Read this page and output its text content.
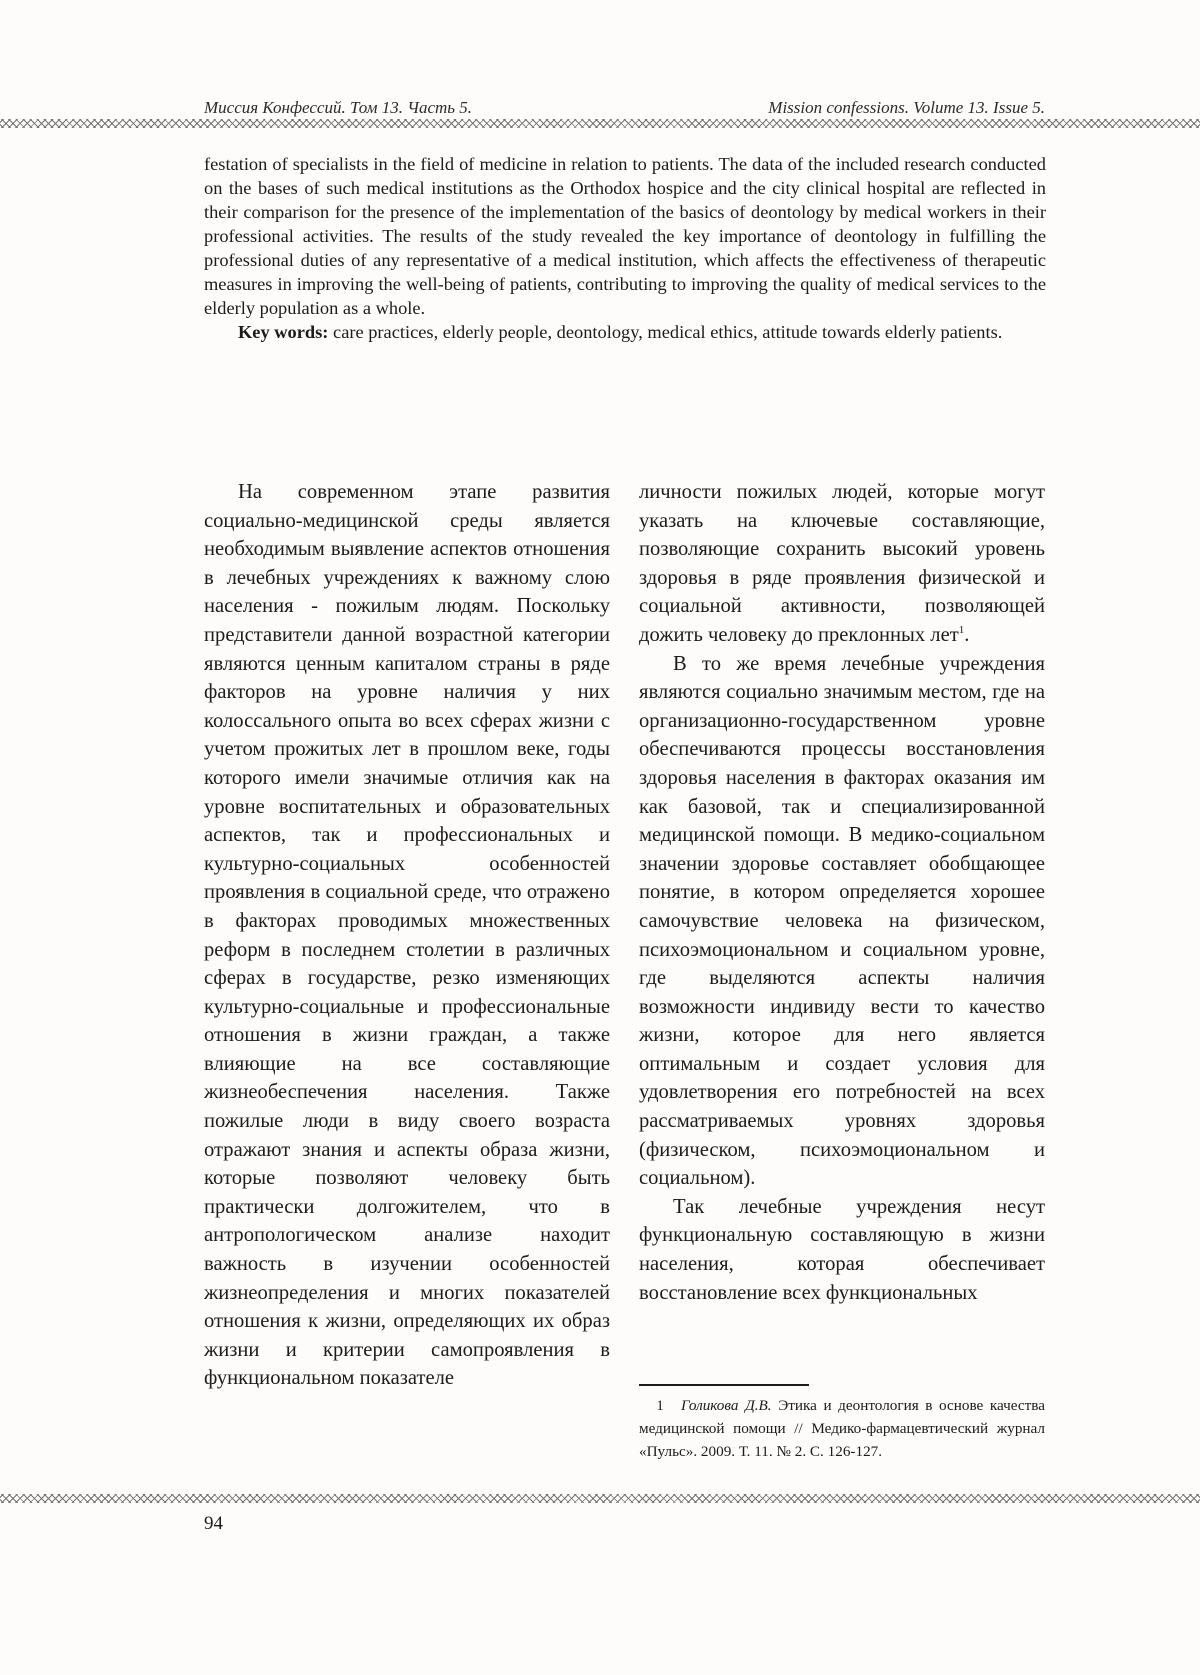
Миссия Конфессий. Том 13. Часть 5.	Mission confessions. Volume 13. Issue 5.

festation of specialists in the field of medicine in relation to patients. The data of the included research conducted on the bases of such medical institutions as the Orthodox hospice and the city clinical hospital are reflected in their comparison for the presence of the implementation of the basics of deontology by medical workers in their professional activities. The results of the study revealed the key importance of deontology in fulfilling the professional duties of any representative of a medical institution, which affects the effectiveness of therapeutic measures in improving the well-being of patients, contributing to improving the quality of medical services to the elderly population as a whole.

Key words: care practices, elderly people, deontology, medical ethics, attitude towards elderly patients.

На современном этапе развития социально-медицинской среды является необходимым выявление аспектов отношения в лечебных учреждениях к важному слою населения - пожилым людям. Поскольку представители данной возрастной категории являются ценным капиталом страны в ряде факторов на уровне наличия у них колоссального опыта во всех сферах жизни с учетом прожитых лет в прошлом веке, годы которого имели значимые отличия как на уровне воспитательных и образовательных аспектов, так и профессиональных и культурно-социальных особенностей проявления в социальной среде, что отражено в факторах проводимых множественных реформ в последнем столетии в различных сферах в государстве, резко изменяющих культурно-социальные и профессиональные отношения в жизни граждан, а также влияющие на все составляющие жизнеобеспечения населения. Также пожилые люди в виду своего возраста отражают знания и аспекты образа жизни, которые позволяют человеку быть практически долгожителем, что в антропологическом анализе находит важность в изучении особенностей жизнеопределения и многих показателей отношения к жизни, определяющих их образ жизни и критерии самопроявления в функциональном показателе

личности пожилых людей, которые могут указать на ключевые составляющие, позволяющие сохранить высокий уровень здоровья в ряде проявления физической и социальной активности, позволяющей дожить человеку до преклонных лет$^1$.

В то же время лечебные учреждения являются социально значимым местом, где на организационно-государственном уровне обеспечиваются процессы восстановления здоровья населения в факторах оказания им как базовой, так и специализированной медицинской помощи. В медико-социальном значении здоровье составляет обобщающее понятие, в котором определяется хорошее самочувствие человека на физическом, психоэмоциональном и социальном уровне, где выделяются аспекты наличия возможности индивиду вести то качество жизни, которое для него является оптимальным и создает условия для удовлетворения его потребностей на всех рассматриваемых уровнях здоровья (физическом, психоэмоциональном и социальном).

Так лечебные учреждения несут функциональную составляющую в жизни населения, которая обеспечивает восстановление всех функциональных

1 Голикова Д.В. Этика и деонтология в основе качества медицинской помощи // Медико-фармацевтический журнал «Пульс». 2009. Т. 11. № 2. С. 126-127.
94
